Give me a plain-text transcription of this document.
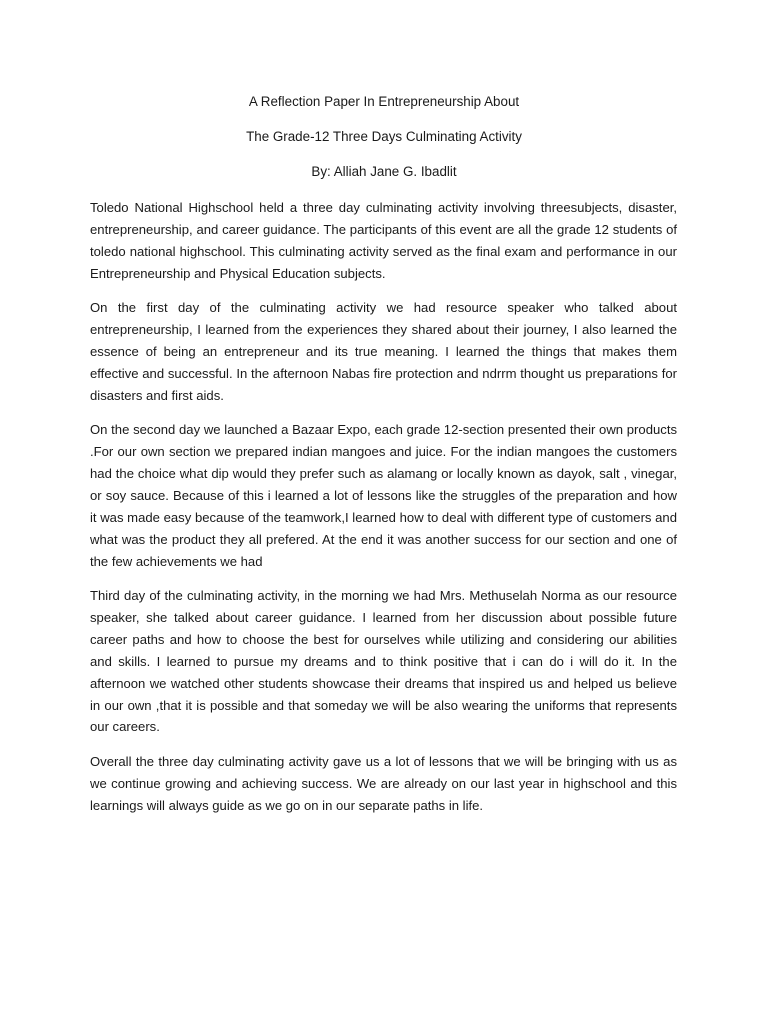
A Reflection Paper In Entrepreneurship About
The Grade-12 Three Days Culminating Activity
By: Alliah Jane G. Ibadlit

Toledo National Highschool held a three day culminating activity involving threesubjects, disaster, entrepreneurship, and career guidance. The participants of this event are all the grade 12 students of toledo national highschool. This culminating activity served as the final exam and performance in our Entrepreneurship and Physical Education subjects.

On the first day of the culminating activity we had resource speaker who talked about entrepreneurship, I learned from the experiences they shared about their journey, I also learned the essence of being an entrepreneur and its true meaning. I learned the things that makes them effective and successful. In the afternoon Nabas fire protection and ndrrm thought us preparations for disasters and first aids.

On the second day we launched a Bazaar Expo, each grade 12-section presented their own products .For our own section we prepared indian mangoes and juice. For the indian mangoes the customers had the choice what dip would they prefer such as alamang or locally known as dayok, salt , vinegar, or soy sauce. Because of this i learned a lot of lessons like the struggles of the preparation and how it was made easy because of the teamwork,I learned how to deal with different type of customers and what was the product they all prefered. At the end it was another success for our section and one of the few achievements we had

Third day of the culminating activity, in the morning we had Mrs. Methuselah Norma as our resource speaker, she talked about career guidance. I learned from her discussion about possible future career paths and how to choose the best for ourselves while utilizing and considering our abilities and skills. I learned to pursue my dreams and to think positive that i can do i will do it. In the afternoon we watched other students showcase their dreams that inspired us and helped us believe in our own ,that it is possible and that someday we will be also wearing the uniforms that represents our careers.

Overall the three day culminating activity gave us a lot of lessons that we will be bringing with us as we continue growing and achieving success. We are already on our last year in highschool and this learnings will always guide as we go on in our separate paths in life.
